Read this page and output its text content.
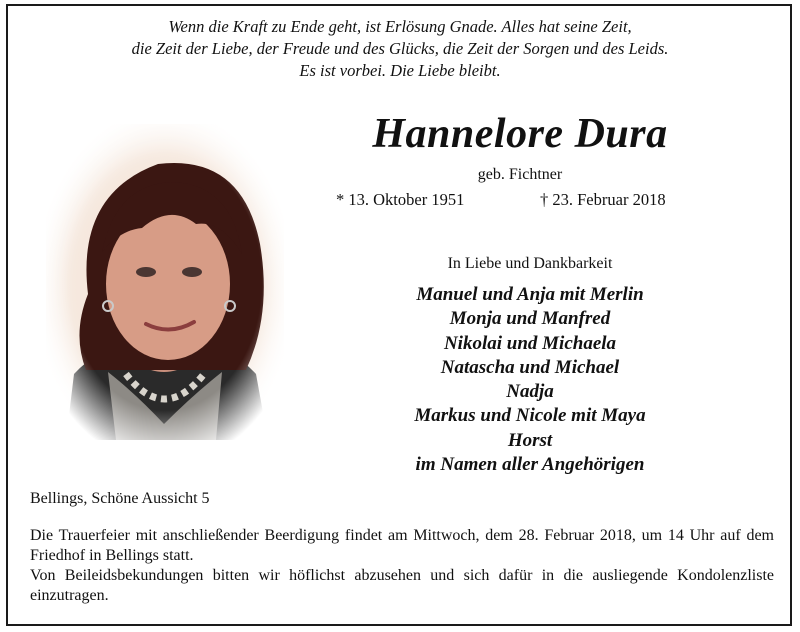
Wenn die Kraft zu Ende geht, ist Erlösung Gnade. Alles hat seine Zeit,
die Zeit der Liebe, der Freude und des Glücks, die Zeit der Sorgen und des Leids.
Es ist vorbei. Die Liebe bleibt.
Hannelore Dura
geb. Fichtner
* 13. Oktober 1951	† 23. Februar 2018
In Liebe und Dankbarkeit
Manuel und Anja mit Merlin
Monja und Manfred
Nikolai und Michaela
Natascha und Michael
Nadja
Markus und Nicole mit Maya
Horst
im Namen aller Angehörigen
Bellings, Schöne Aussicht 5

Die Trauerfeier mit anschließender Beerdigung findet am Mittwoch, dem 28. Februar 2018, um 14 Uhr auf dem Friedhof in Bellings statt.

Von Beileidsbekundungen bitten wir höflichst abzusehen und sich dafür in die ausliegende Kondolenzliste einzutragen.
